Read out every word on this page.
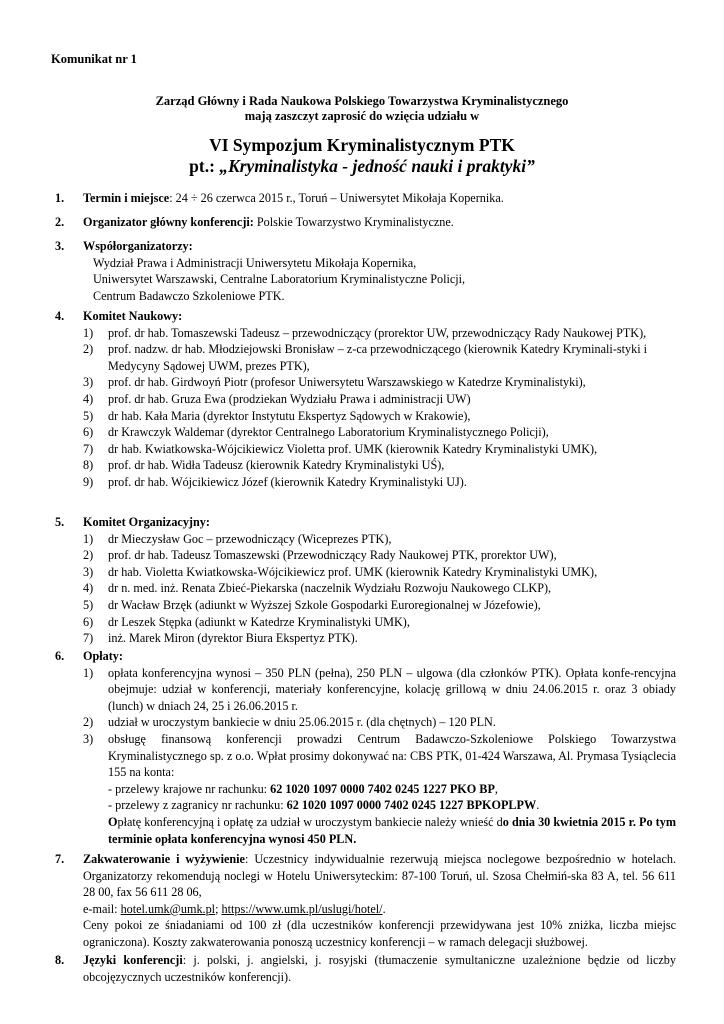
Komunikat nr 1
Zarząd Główny i Rada Naukowa Polskiego Towarzystwa Kryminalistycznego
mają zaszczyt zaprosić do wzięcia udziału w
VI Sympozjum Kryminalistycznym PTK
pt.: „Kryminalistyka - jedność nauki i praktyki”
1. Termin i miejsce: 24 ÷ 26 czerwca 2015 r., Toruń – Uniwersytet Mikołaja Kopernika.
2. Organizator główny konferencji: Polskie Towarzystwo Kryminalistyczne.
3. Współorganizatorzy:
Wydział Prawa i Administracji Uniwersytetu Mikołaja Kopernika,
Uniwersytet Warszawski, Centralne Laboratorium Kryminalistyczne Policji,
Centrum Badawczo Szkoleniowe PTK.
4. Komitet Naukowy:
1) prof. dr hab. Tomaszewski Tadeusz – przewodniczący (prorektor UW, przewodniczący Rady Naukowej PTK),
2) prof. nadzw. dr hab. Młodziejowski Bronisław – z-ca przewodniczącego (kierownik Katedry Kryminali-styki i Medycyny Sądowej UWM, prezes PTK),
3) prof. dr hab. Girdwoyń Piotr (profesor Uniwersytetu Warszawskiego w Katedrze Kryminalistyki),
4) prof. dr hab. Gruza Ewa (prodziekan Wydziału Prawa i administracji UW)
5) dr hab. Kała Maria (dyrektor Instytutu Ekspertyz Sądowych w Krakowie),
6) dr Krawczyk Waldemar (dyrektor Centralnego Laboratorium Kryminalistycznego Policji),
7) dr hab. Kwiatkowska-Wójcikiewicz Violetta prof. UMK (kierownik Katedry Kryminalistyki UMK),
8) prof. dr hab. Widła Tadeusz (kierownik Katedry Kryminalistyki UŚ),
9) prof. dr hab. Wójcikiewicz Józef (kierownik Katedry Kryminalistyki UJ).
5. Komitet Organizacyjny:
1) dr Mieczysław Goc – przewodniczący (Wiceprezes PTK),
2) prof. dr hab. Tadeusz Tomaszewski (Przewodniczący Rady Naukowej PTK, prorektor UW),
3) dr hab. Violetta Kwiatkowska-Wójcikiewicz prof. UMK (kierownik Katedry Kryminalistyki UMK),
4) dr n. med. inż. Renata Zbieć-Piekarska (naczelnik Wydziału Rozwoju Naukowego CLKP),
5) dr Wacław Brzęk (adiunkt w Wyższej Szkole Gospodarki Euroregionalnej w Józefowie),
6) dr Leszek Stępka (adiunkt w Katedrze Kryminalistyki UMK),
7) inż. Marek Miron (dyrektor Biura Ekspertyz PTK).
6. Opłaty:
1) opłata konferencyjna wynosi – 350 PLN (pełna), 250 PLN – ulgowa (dla członków PTK). Opłata konfe-rencyjna obejmuje: udział w konferencji, materiały konferencyjne, kolację grillową w dniu 24.06.2015 r. oraz 3 obiady (lunch) w dniach 24, 25 i 26.06.2015 r.
2) udział w uroczystym bankiecie w dniu 25.06.2015 r. (dla chętnych) – 120 PLN.
3) obsługę finansową konferencji prowadzi Centrum Badawczo-Szkoleniowe Polskiego Towarzystwa Kryminalistycznego sp. z o.o. Wpłat prosimy dokonywać na: CBS PTK, 01-424 Warszawa, Al. Prymasa Tysiąclecia 155 na konta:
- przelewy krajowe nr rachunku: 62 1020 1097 0000 7402 0245 1227 PKO BP,
- przelewy z zagranicy nr rachunku: 62 1020 1097 0000 7402 0245 1227 BPKOPLPW.
Opłatę konferencyjną i opłatę za udział w uroczystym bankiecie należy wnieść do dnia 30 kwietnia 2015 r. Po tym terminie opłata konferencyjna wynosi 450 PLN.
7. Zakwaterowanie i wyżywienie: Uczestnicy indywidualnie rezerwują miejsca noclegowe bezpośrednio w hotelach. Organizatorzy rekomendują noclegi w Hotelu Uniwersyteckim: 87-100 Toruń, ul. Szosa Chełmiń-ska 83 A, tel. 56 611 28 00, fax 56 611 28 06,
e-mail: hotel.umk@umk.pl; https://www.umk.pl/uslugi/hotel/.
Ceny pokoi ze śniadaniami od 100 zł (dla uczestników konferencji przewidywana jest 10% zniżka, liczba miejsc ograniczona). Koszty zakwaterowania ponoszą uczestnicy konferencji – w ramach delegacji służbowej.
8. Języki konferencji: j. polski, j. angielski, j. rosyjski (tłumaczenie symultaniczne uzależnione będzie od liczby obcojęzycznych uczestników konferencji).
